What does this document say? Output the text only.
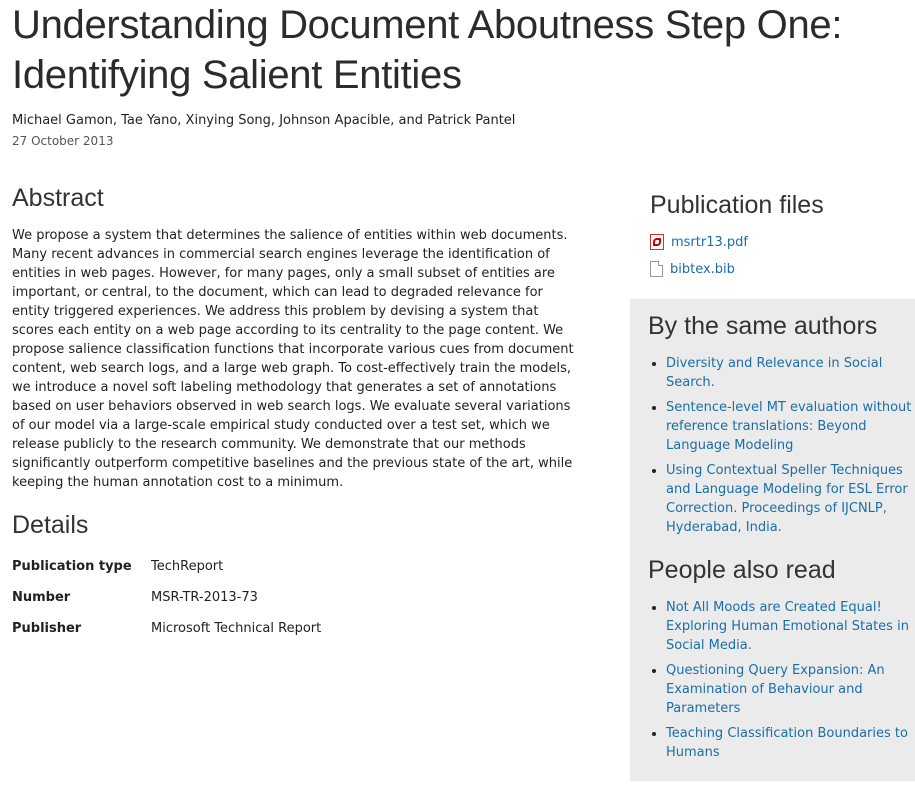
Understanding Document Aboutness Step One: Identifying Salient Entities
Michael Gamon, Tae Yano, Xinying Song, Johnson Apacible, and Patrick Pantel
27 October 2013
Abstract

We propose a system that determines the salience of entities within web documents. Many recent advances in commercial search engines leverage the identification of entities in web pages. However, for many pages, only a small subset of entities are important, or central, to the document, which can lead to degraded relevance for entity triggered experiences. We address this problem by devising a system that scores each entity on a web page according to its centrality to the page content. We propose salience classification functions that incorporate various cues from document content, web search logs, and a large web graph. To cost-effectively train the models, we introduce a novel soft labeling methodology that generates a set of annotations based on user behaviors observed in web search logs. We evaluate several variations of our model via a large-scale empirical study conducted over a test set, which we release publicly to the research community. We demonstrate that our methods significantly outperform competitive baselines and the previous state of the art, while keeping the human annotation cost to a minimum.

Details
Publication type	TechReport
Number	MSR-TR-2013-73
Publisher	Microsoft Technical Report
Publication files
msrtr13.pdf
bibtex.bib
By the same authors
• Diversity and Relevance in Social Search.
• Sentence-level MT evaluation without reference translations: Beyond Language Modeling
• Using Contextual Speller Techniques and Language Modeling for ESL Error Correction. Proceedings of IJCNLP, Hyderabad, India.
People also read
• Not All Moods are Created Equal! Exploring Human Emotional States in Social Media.
• Questioning Query Expansion: An Examination of Behaviour and Parameters
• Teaching Classification Boundaries to Humans
